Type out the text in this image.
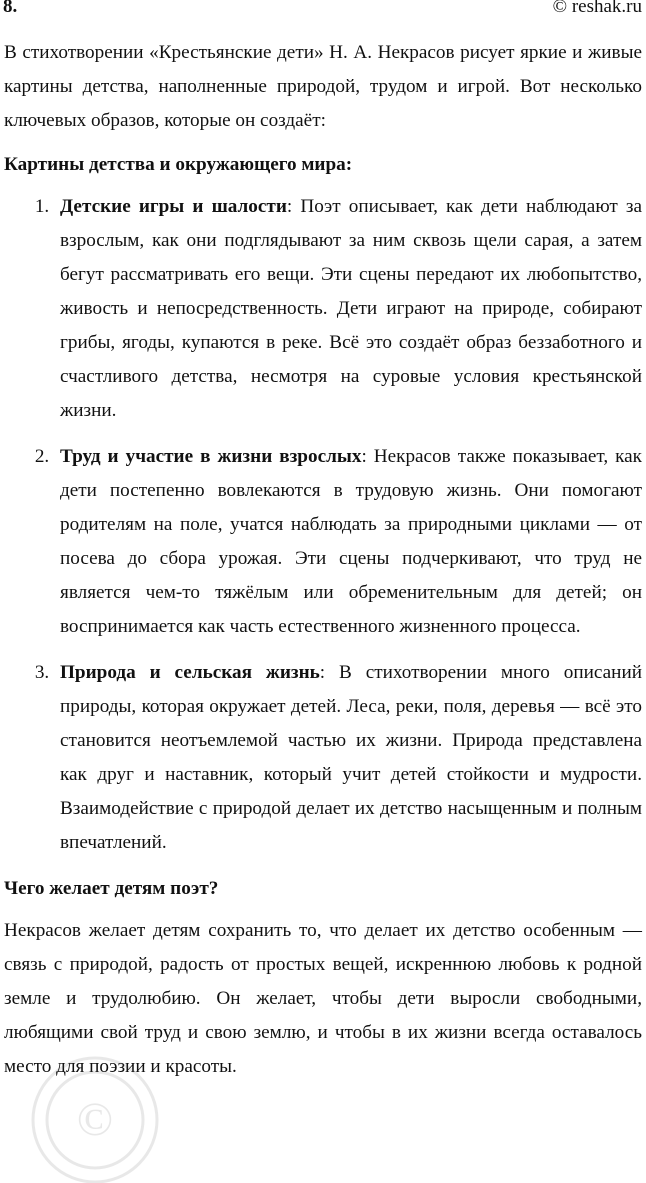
8.	© reshak.ru

В стихотворении «Крестьянские дети» Н. А. Некрасов рисует яркие и живые картины детства, наполненные природой, трудом и игрой. Вот несколько ключевых образов, которые он создаёт:

Картины детства и окружающего мира:

1. Детские игры и шалости: Поэт описывает, как дети наблюдают за взрослым, как они подглядывают за ним сквозь щели сарая, а затем бегут рассматривать его вещи. Эти сцены передают их любопытство, живость и непосредственность. Дети играют на природе, собирают грибы, ягоды, купаются в реке. Всё это создаёт образ беззаботного и счастливого детства, несмотря на суровые условия крестьянской жизни.
2. Труд и участие в жизни взрослых: Некрасов также показывает, как дети постепенно вовлекаются в трудовую жизнь. Они помогают родителям на поле, учатся наблюдать за природными циклами — от посева до сбора урожая. Эти сцены подчеркивают, что труд не является чем-то тяжёлым или обременительным для детей; он воспринимается как часть естественного жизненного процесса.
3. Природа и сельская жизнь: В стихотворении много описаний природы, которая окружает детей. Леса, реки, поля, деревья — всё это становится неотъемлемой частью их жизни. Природа представлена как друг и наставник, который учит детей стойкости и мудрости. Взаимодействие с природой делает их детство насыщенным и полным впечатлений.

Чего желает детям поэт?

Некрасов желает детям сохранить то, что делает их детство особенным — связь с природой, радость от простых вещей, искреннюю любовь к родной земле и трудолюбию. Он желает, чтобы дети выросли свободными, любящими свой труд и свою землю, и чтобы в их жизни всегда оставалось место для поэзии и красоты.

©
